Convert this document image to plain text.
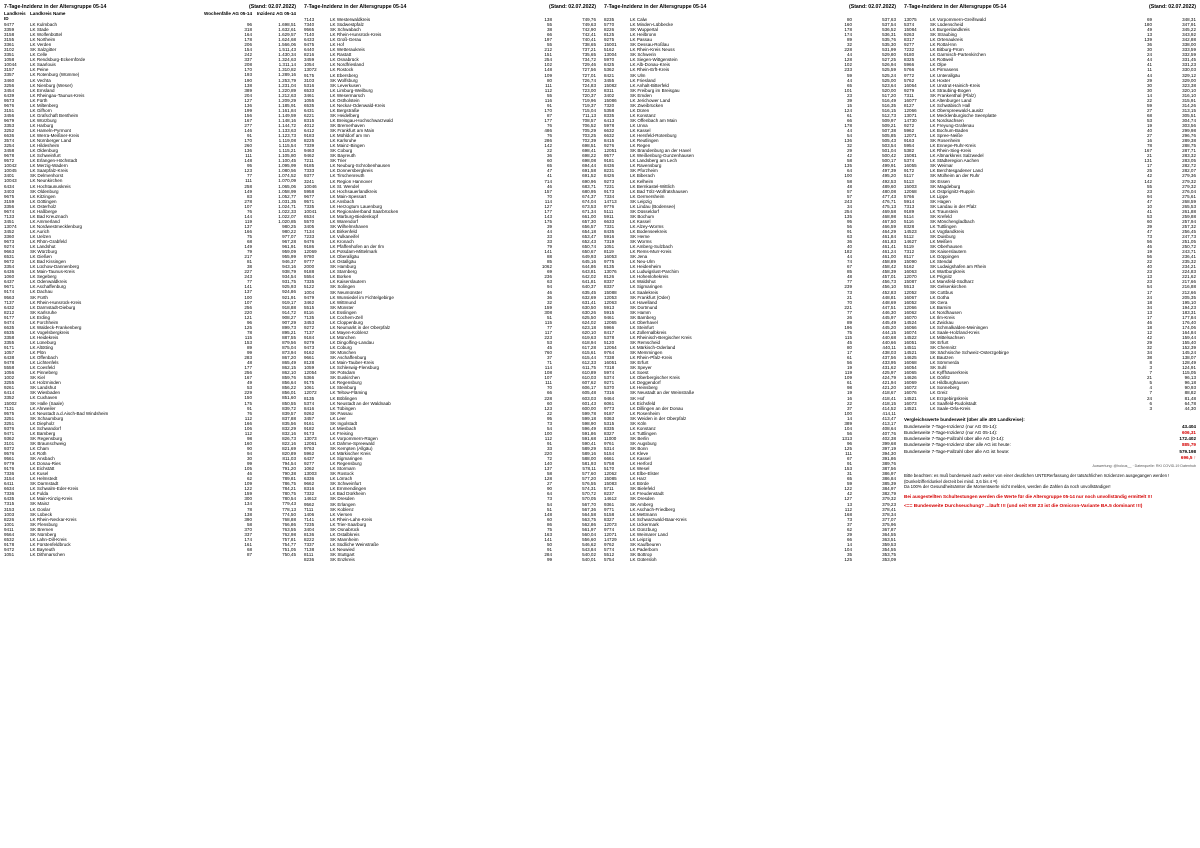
7-Tage-Inzidenz in der Altersgruppe 05-14	(Stand: 02.07.2022)
Landkreis ID
Landkreis Name	Wochenfälle AG 05-14	Inzidenz AG 05-14
9477	LK Kulmbach	96	1.698,51
3359	LK Stade	318	1.632,61
3158	LK Wolfenbüttel	164	1.629,57
3155	LK Northeim	178	1.624,68
3361	LK Verden	206	1.566,06
3102	SK Salzgitter	154	1.511,43
3351	LK Celle	242	1.430,34
1058	LK Rendsburg-Eckernförde	337	1.324,63
10044	LK Saarlouis	208	1.311,14
3157	LK Peine	170	1.310,82
3357	LK Rotenburg (Wümme)	193	1.289,16
3460	LK Vechta	190	1.253,79
3256	LK Nienburg (Weser)	138	1.231,04
3454	LK Emsland	389	1.220,89
6439	LK Rheingau-Taunus-Kreis	204	1.212,63
9573	LK Fürth	127	1.209,29
9676	LK Miltenberg	136	1.185,91
3151	LK Gifhorn	199	1.161,84
3456	LK Grafschaft Bentheim	156	1.149,59
9679	LK Würzburg	167	1.148,16
3353	LK Harburg	277	1.144,72
3252	LK Hameln-Pyrmont	146	1.133,63
6636	LK Werra-Meißner-Kreis	91	1.123,73
3574	LK Nürnberger Land	170	1.119,08
3254	LK Hildesheim	260	1.115,54
3458	LK Oldenburg	136	1.115,21
9678	LK Schweinfurt	111	1.105,80
9572	LK Erlangen-Höchstadt	148	1.100,45
10042	LK Merzig-Wadern	95	1.095,99
10045	LK Saarpfalz-Kreis	123	1.080,56
3401	SK Delmenhorst	77	1.074,52
10043	LK Neunkirchen	111	1.070,09
6434	LK Hochtaunuskreis	258	1.065,06
3403	SK Oldenburg	149	1.058,99
9675	LK Kitzingen	83	1.052,77
3159	LK Göttingen	278	1.031,35
3356	LK Osterholz	107	1.024,71
9674	LK Haßberge	76	1.022,33
7133	LK Bad Kreuznach	144	1.022,07
3451	LK Ammerland	119	1.020,85
13074	LK Nordwestmecklenburg	137	980,25
3452	LK Aurich	166	980,22
3360	LK Uelzen	75	977,07
9673	LK Rhön-Grabfeld	68	967,28
9274	LK Landshut	149	961,91
9663	SK Würzburg	79	959,09
6531	LK Gießen	217	955,99
9672	LK Bad Kissingen	81	946,37
3354	LK Lüchow-Dannenberg	38	943,16
6436	LK Main-Taunus-Kreis	227	938,79
1060	LK Segeberg	243	934,54
6437	LK Odenwaldkreis	77	931,75
9671	LK Aschaffenburg	141	925,93
9174	LK Dachau	137	924,86
9563	SK Fürth	100	921,91
7137	LK Rhein-Hunsrück-Kreis	107	919,17
6432	LK Darmstadt-Dieburg	256	918,88
8212	SK Karlsruhe	220	914,72
9177	LK Erding	121	908,27
9474	LK Forchheim	96	907,29
6635	LK Waldeck-Frankenberg	125	899,73
6535	LK Vogelsbergkreis	78	895,21
3358	LK Heidekreis	115	887,55
3355	LK Lüneburg	153	879,56
9171	LK Altötting	89	875,04
1057	LK Plön	99	873,94
6438	LK Offenbach	283	867,20
9478	LK Lichtenfels	48	865,49
5558	LK Coesfeld	177	862,15
1056	LK Pinneberg	256	862,10
1002	SK Kiel	167	859,76
3255	LK Holzminden	49	856,64
9261	SK Landshut	53	856,22
6414	SK Wiesbaden	229	856,01
3352	LK Cuxhaven	150	851,60
15002	SK Halle (Saale)	175	850,55
7131	LK Ahrweiler	91	839,72
9575	LK Neustadt a.d.Aisch-Bad Windsheim	76	839,57
3251	SK Schaumburg	112	837,88
3251	LK Diepholz	166	835,56
9376	LK Schwandorf	106	832,29
9471	LK Bamberg	112	832,16
9362	SK Regensburg	98	826,73
3101	SK Braunschweig	160	822,16
9372	LK Cham	90	821,69
9576	LK Roth	94	820,89
9561	SK Ansbach	30	811,03
9779	LK Donau-Ries	99	794,54
9176	LK Eichstätt	105	791,20
7336	LK Kusel	46	790,38
3154	LK Helmstedt	62	789,81
6411	SK Darmstadt	109	786,75
6634	LK Schwalm-Eder-Kreis	122	784,21
7336	LK Fulda	159	780,75
6435	LK Main-Kinzig-Kreis	300	780,54
7315	SK Mainz	134	779,43
3153	LK Goslar	78	778,13
1003	SK Lübeck	138	774,50
8226	LK Rhein-Neckar-Kreis	390	768,88
1001	SK Flensburg	58	766,86
9411	SK Bremen	370	763,55
9564	SK Nürnberg	337	762,98
6532	LK Lahn-Dill-Kreis	174	757,81
9178	LK Fürstenfeldbruck	161	754,77
9472	LK Bayreuth	68	751,05
1051	LK Dithmarschen	87	750,45
7-Tage-Inzidenz in der Altersgruppe 05-14	(Stand: 02.07.2022)

7143	LK Westerwaldkreis	138	749,76
7340	LK Südwestpfalz	55	749,63
9565	SK Schwabach	38	742,90
7140	LK Rhein-Hunsrück-Kreis	66	742,41
6433	LK Groß-Gerau	197	740,41
9475	LK Hof	55	738,65
6440	LK Wetteraukreis	212	737,21
8216	LK Rastatt	151	735,65
3459	LK Osnabrück	254	734,72
1054	LK Nordfriesland	102	729,46
13072	LK Rostock	148	727,56
9175	LK Ebersberg	109	727,01
3103	SK Wolfsburg	80	726,74
5316	SK Leverkusen	111	724,83
6533	LK Limburg-Weilburg	112	723,00
3461	LK Wesermarsch	55	720,37
1055	LK Ostholstein	116	719,96
6535	LK Neckar-Odenwald-Kreis	91	719,37
6431	LK Bergstraße	170	715,04
6221	SK Heidelberg	87	711,13
8315	LK Breisgau-Hochschwarzwald	177	708,57
4012	SK Bremerhaven	76	706,52
6412	SK Frankfurt am Main	486	705,29
9183	LK Mühldorf am Inn	76	703,25
8225	LK Karlsruhe	286	702,39
7339	LK Mainz-Bingen	142	698,51
9463	SK Coburg	22	698,41
9462	SK Bayreuth	36	698,22
7211	SK Trier	60	698,08
9185	LK Neuburg-Schrobenhausen	65	694,44
7333	LK Donnersbergkreis	47	691,58
9377	LK Tirschenreuth	41	691,52
3241	LK Region Hannover	714	690,96
10046	LK St. Wendel	46	683,71
5958	LK Hochsauerlandkreis	157	680,95
9677	LK Main-Spessart	70	674,37
9571	LK Ansbach	114	674,04
7335	LK Herzogtum Lauenburg	127	673,53
10041	LK Regionalverband Saarbrücken	177	671,34
6534	LK Marburg-Biedenkopf	143	661,00
5570	LK Warendorf	175	657,30
3405	SK Wilhelmshaven	39	656,57
7134	LK Birkenfeld	44	654,18
7233	LK Vulkaneifel	33	653,47
9476	LK Kronach	33	652,43
9186	LK Pfaffenhofen an der Ilm	79	650,74
12069	LK Potsdam-Mittelmark	141	650,67
9780	LK Oberallgäu	88	649,93
9777	LK Ostallgäu	85	645,16
2000	SK Hamburg	1062	644,86
9188	LK Starnberg	69	643,81
5554	LK Borken	236	642,02
7335	LK Kaiserslautern	63	641,81
5122	SK Solingen	94	640,37
1004	SK Neumünster	46	635,45
9479	LK Wunsiedel im Fichtelgebirge	36	632,69
3462	LK Wittmund	32	631,41
5515	SK Münster	159	630,50
8116	LK Esslingen	308	630,26
7135	LK Cochem-Zell	51	625,50
3453	LK Cloppenburg	115	624,02
9272	LK Neumarkt in der Oberpfalz	77	623,18
7137	LK Mayen-Koblenz	117	620,10
9184	LK München	223	619,63
9279	LK Dingolfing-Landau	53	618,94
9473	LK Coburg	45	617,28
9162	SK München	760	615,61
9661	SK Aschaffenburg	37	615,44
8128	LK Main-Tauber-Kreis	71	612,33
1059	LK Schleswig-Flensburg	114	611,75
12054	SK Potsdam	108	610,89
5366	SK Euskirchen	107	610,03
9175	LK Regensburg	111	607,62
1061	LK Steinburg	70	606,17
12072	LK Teltow-Fläming	66	605,48
8135	LK Böblingen	228	603,03
5374	LK Neustadt an der Waldnaab	60	601,43
8416	LK Tübingen	123	600,00
9262	SK Passau	22	599,78
3457	LK Leer	95	599,18
9161	SK Ingolstadt	73	598,90
9182	LK Miesbach	54	596,49
9173	LK Freising	100	591,86
13073	LK Vorpommern-Rügen	112	591,68
12061	LK Dahme-Spreewald	91	590,41
9763	SK Kempten (Allgäu)	33	589,29
5962	LK Märkischer Kreis	220	589,16
6437	LK Sigmaringen	72	588,00
9277	LK Regensburg	140	581,93
1062	LK Stormarn	137	578,11
13003	SK Rostock	58	577,60
6336	LK Lörrach	128	577,20
9662	SK Schweinfurt	27	576,55
8316	LK Emmendingen	90	574,31
7332	LK Bad Dürkheim	64	570,72
14612	SK Dresden	73	570,05
9562	SK Erlangen	54	567,70
7111	SK Koblenz	51	567,36
1406	LK Viersen	148	564,58
7141	LK Rhein-Lahn-Kreis	60	563,75
7235	LK Trier-Saarburg	86	562,86
3404	SK Osnabrück	75	561,97
8136	LK Ostalbkreis	163	560,04
8222	SK Mannheim	141	556,60
7337	LK Südliche Weinstraße	50	546,62
7138	LK Neuwied	91	543,84
8111	SK Stuttgart	284	540,02
8236	SK Enzkreis	99	540,01
7-Tage-Inzidenz in der Altersgruppe 05-14	(Stand: 02.07.2022)

8235	LK Calw	80	537,63
5770	LK Minden-Lübbecke	160	537,54
8226	SK Wuppertal	178	536,52
8125	LK Heilbronn	174	536,31
9275	LK Passau	89	535,76
15001	SK Dessau-Roßlau	32	535,30
5162	LK Rhein-Kreis Neuss	228	531,99
13004	SK Schwerin	44	529,80
5970	LK Siegen-Wittgenstein	128	527,25
8425	LK Alb-Donau-Kreis	102	526,94
5362	LK Rhein-Erft-Kreis	233	525,59
8421	SK Ulm	59	525,24
3455	LK Friesland	44	525,00
15082	LK Anhalt-Bitterfeld	65	523,64
8311	SK Freiburg im Breisgau	101	520,00
3402	SK Emden	23	517,20
15086	LK Jerichower Land	39	516,49
7320	SK Zweibrücken	15	516,35
5358	LK Düren	124	516,15
8335	LK Konstanz	61	512,73
6413	SK Offenbach am Main	66	509,97
5978	LK Unna	178	509,21
6632	LK Kassel	44	507,38
6632	LK Hersfeld-Rotenburg	54	505,85
8415	LK Reutlingen	136	505,43
9276	LK Regen	32	503,54
12051	SK Brandenburg an der Havel	29	501,04
9577	LK Weißenburg-Gunzenhausen	42	500,42
9181	LK Landsberg am Lech	58	500,17
8436	LK Ravensburg	135	499,91
8231	SK Pforzheim	64	497,39
8426	LK Biberach	100	495,20
9273	LK Kelheim	58	492,53
7231	LK Bernkastel-Wittlich	48	489,60
9173	LK Bad Tölz-Wolfratshausen	57	480,08
7334	LK Germersheim	57	477,43
14713	SK Leipzig	243	476,71
9776	LK Lindau (Bodensee)	34	475,13
5111	SK Düsseldorf	254	469,58
5911	SK Bochum	135	468,98
6633	LK Kassel	95	467,50
7331	LK Alzey-Worms	56	466,59
8435	LK Bodenseekreis	91	464,29
5916	SK Herne	63	461,84
7319	SK Worms	36	461,83
1051	LK Amberg-Sulzbach	40	461,41
8119	LK Rems-Murr-Kreis	182	461,24
16053	SK Jena	44	461,00
9775	LK Neu-Ulm	74	458,89
8135	LK Heidenheim	67	458,42
13076	LK Ludwigslust-Parchim	85	458,39
8126	LK Hohenlohekreis	48	457,01
8337	LK Waldshut	77	456,73
8337	LK Sigmaringen	239	456,10
15088	LK Saalekreis	73	452,83
12053	SK Frankfurt (Oder)	21	448,81
12063	LK Havelland	70	448,69
5913	SK Dortmund	221	447,51
5915	SK Hamm	77	446,30
9461	SK Bamberg	26	445,97
12065	LK Oberhavel	89	445,49
5966	LK Steinfurt	196	445,20
8417	LK Zollernalbkreis	75	444,15
5378	LK Rheinisch-Bergischer Kreis	115	440,68
5120	SK Remscheid	45	440,66
12064	LK Märkisch-Oderland	80	440,11
9764	SK Memmingen	17	438,03
7338	LK Rhein-Pfalz-Kreis	61	437,56
16051	SK Erfurt	56	433,95
7318	SK Speyer	19	431,62
5974	LK Soest	119	425,97
5374	LK Oberbergischer Kreis	109	424,79
9271	LK Deggendorf	61	421,94
5370	LK Heinsberg	98	421,20
7316	SK Neustadt an der Weinstraße	19	418,67
9464	SK Hof	16	418,41
6061	LK Eichsfeld	22	418,15
9773	LK Dillingen an der Donau	37	414,52
9187	LK Rosenheim	100	414,11
9363	SK Weiden in der Oberpfalz	14	413,47
5315	SK Köln	389	413,17
8335	LK Konstanz	104	408,64
8327	LK Tuttlingen	56	407,76
11000	SK Berlin	1313	402,38
9761	SK Augsburg	96	399,68
5314	SK Bonn	125	397,19
5154	LK Kleve	111	394,30
6661	LK Kassel	67	391,86
5758	LK Herford	91	389,76
5170	LK Wesel	153	387,56
12062	LK Elbe-Elster	31	386,97
15085	LK Harz	65	386,84
15083	LK Börde	59	385,39
5711	SK Bielefeld	122	384,97
8237	LK Freudenstadt	42	382,79
14612	SK Dresden	127	379,32
9361	SK Amberg	13	379,23
9771	LK Aschach-Friedberg	112	378,41
5158	LK Mettmann	168	378,34
8327	LK Schwarzwald-Baar-Kreis	73	377,07
12073	LK Uckermark	37	375,96
9774	LK Günzburg	62	367,87
12071	LK Weimarer Land	29	364,55
14729	LK Leipzig	66	363,51
9762	SK Kaufbeuren	14	359,53
5774	LK Paderborn	104	354,55
5512	SK Bottrop	35	353,75
5754	LK Gütersloh	125	353,09
7-Tage-Inzidenz in der Altersgruppe 05-14	(Stand: 02.07.2022)

13075	LK Vorpommern-Greifswald	69	348,31
5374	SK Lüdenscheid	180	347,91
15084	LK Burgenlandkreis	49	345,22
9263	SK Straubing	13	343,92
8317	LK Ortenaukreis	139	342,88
9277	LK Rottal-Inn	36	338,00
7232	LK Bitburg-Prüm	30	333,59
9180	LK Garmisch-Partenkirchen	24	332,59
8325	LK Rottweil	44	331,45
5966	LK Olpe	41	331,23
5766	LK Pirmasens	11	330,03
9772	LK Unterallgäu	44	329,12
5762	LK Hoxter	29	329,00
16064	LK Unstrut-Hainich-Kreis	30	323,38
9279	LK Straubing-Bogen	30	320,10
7311	SK Frankenthal (Pfalz)	14	316,10
16077	LK Altenburger Land	22	315,91
8127	LK Schwäbisch Hall	59	314,26
12066	LK Oberspreewald-Lausitz	27	313,15
13071	LK Mecklenburgische Seenplatte	68	305,51
14730	LK Nordsachsen	53	304,74
9272	LK Freyung-Grafenau	19	303,56
5962	LK Bochum-Baden	40	299,98
12071	LK Spree-Neiße	27	296,76
9163	SK Rosenheim	16	289,38
5954	LK Ennepe-Ruhr-Kreis	78	288,75
5382	LK Rhein-Sieg-Kreis	167	287,71
15081	LK Altmarkkreis Salzwedel	21	283,32
5374	LK Städteregion Aachen	131	283,05
16055	SK Weimar	17	282,72
9172	LK Berchtesgadener Land	25	282,07
5117	SK Mülheim an der Ruhr	42	279,36
5113	SK Essen	142	279,32
15003	SK Magdeburg	55	279,32
12068	LK Ostprignitz-Ruppin	23	276,04
5766	LK Lippe	94	275,61
5914	SK Hagen	47	268,59
7313	SK Landau in der Pfalz	10	265,53
9189	LK Traunstein	41	261,88
5114	SK Krefeld	53	259,88
5116	SK Mönchengladbach	60	257,94
8328	LK Tuttlingen	39	257,32
14523	LK Vogtlandkreis	47	256,45
5112	SK Duisburg	73	247,73
14627	LK Meißen	56	251,05
5119	SK Oberhausen	46	250,72
7312	SK Kaiserslautern	19	243,71
8117	LK Göppingen	56	236,41
15090	LK Stendal	22	235,32
5162	SK Ludwigshafen am Rhein	40	234,21
16063	LK Wartburgkreis	23	224,83
12070	LK Prignitz	13	221,62
15087	LK Mansfeld-Südharz	23	217,66
5513	SK Gelsenkirchen	54	216,88
12052	SK Cottbus	17	212,66
16067	LK Gotha	24	205,35
16052	SK Gera	18	195,10
12066	LK Barnim	34	194,23
16062	LK Nordhausen	13	183,31
16070	LK Ilm-Kreis	17	177,84
14524	LK Zwickau	46	176,40
16066	LK Schmalkalden-Meiningen	18	174,06
16074	LK Saale-Holzland-Kreis	12	164,84
14522	LK Mittelsachsen	42	159,44
16051	SK Erfurt	29	155,40
14511	SK Chemnitz	32	152,39
14521	SK Sächsische Schweiz-Osterzgebirge	34	145,24
14625	LK Bautzen	38	138,07
16068	LK Sömmerda	8	128,49
16054	SK Suhl	3	124,91
16065	LK Kyffhäuserkreis	7	115,05
14626	LK Görlitz	21	96,13
16069	LK Hildburghausen	5	96,18
16072	LK Sonneberg	4	90,93
16076	LK Greiz	7	88,82
14521	LK Erzgebirgskreis	24	81,48
16073	LK Saalfeld-Rudolstadt	6	64,78
14521	LK Saale-Orla-Kreis	3	44,30
Vergleichswerte bundesweit (über alle 400 Landkreise):
Bundesweite 7-Tage-Inzidenz (nur AG 05-14):	43.404
Bundesweite 7-Tage-Inzidenz (nur AG 05-14):	606,31
Bundesweite 7-Tage-Fallzahl über alle AG (0-14):	172.402
Bundesweite 7-Tage-Inzidenz über alle AG ist heute:	885,79
Bundesweite 7-Tage-Fallzahl über alle AG ist heute:	579.198
696,5 ↑
Auswertung: @holcus__ · Datenquelle: RKI COVID-19 Datenhub
Bitte beachten: es muß bundesweit auch weiter von einer deutlichen UNTERerfassung der tatsächlichen Inzidenzen ausgegangen werden ! (Dunkelziffer/dunkel derzeit bei mind. 3,6 bis 4 ª!)
Da 100% der Gesundheitsämter die Momentwerte nicht melden, werden die Zahlen da noch unvollständiger!
Bei ausgestellten Schultestungen werden die Werte für die Altersgruppe 05-14 nur noch unvollständig ermittelt !!!
<== Bundesweite Durchseuchung? ...läuft !!! (und seit KW 23 ist die Omicron-Variante BA.5 dominant !!!)
